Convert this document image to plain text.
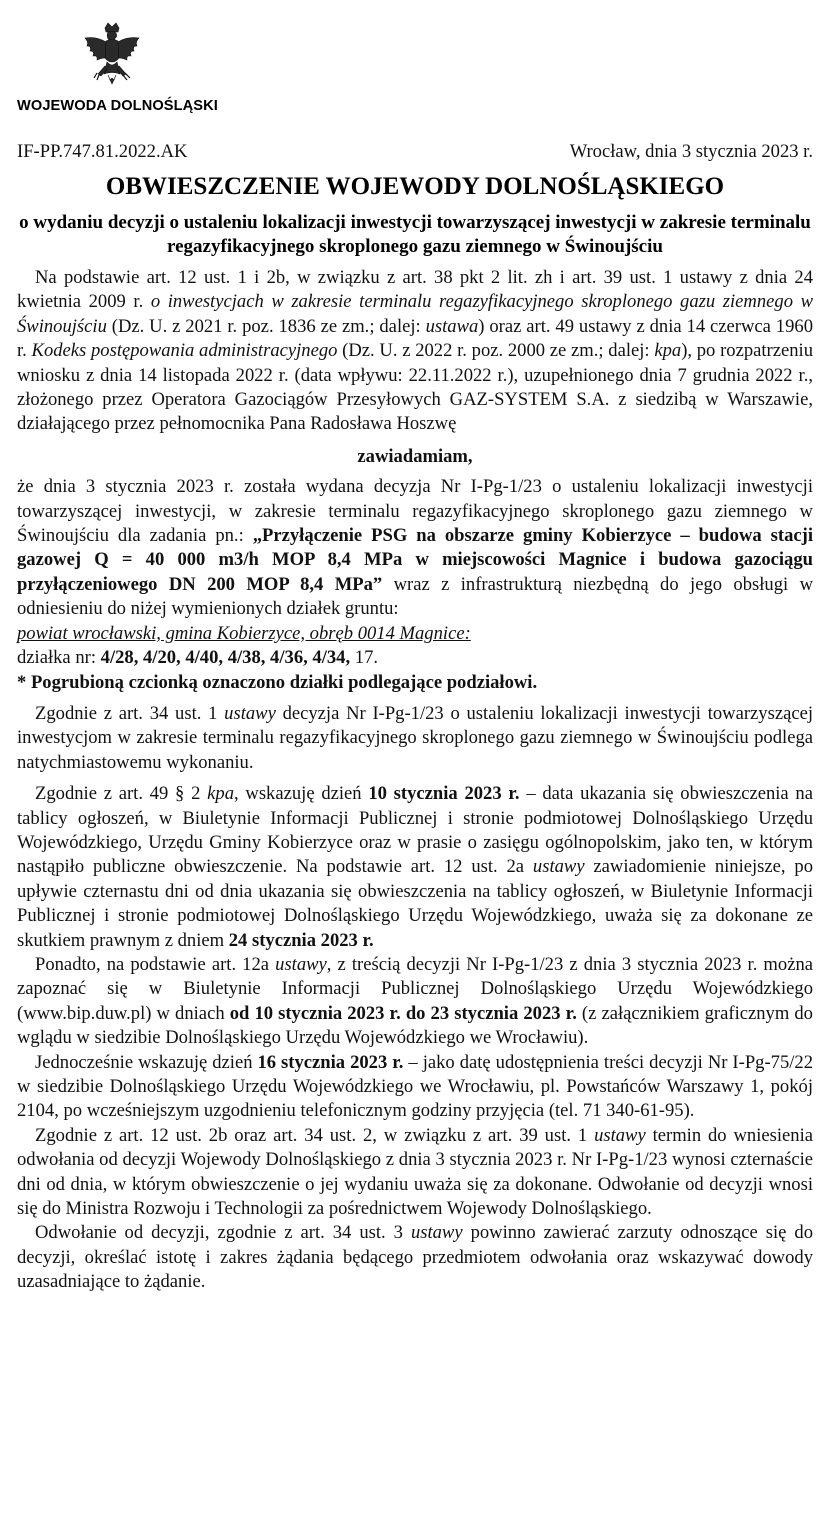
WOJEWODA DOLNOŚLĄSKI
IF-PP.747.81.2022.AK	Wrocław, dnia 3 stycznia 2023 r.
OBWIESZCZENIE WOJEWODY DOLNOŚLĄSKIEGO
o wydaniu decyzji o ustaleniu lokalizacji inwestycji towarzyszącej inwestycji w zakresie terminalu regazyfikacyjnego skroplonego gazu ziemnego w Świnoujściu

Na podstawie art. 12 ust. 1 i 2b, w związku z art. 38 pkt 2 lit. zh i art. 39 ust. 1 ustawy z dnia 24 kwietnia 2009 r. o inwestycjach w zakresie terminalu regazyfikacyjnego skroplonego gazu ziemnego w Świnoujściu (Dz. U. z 2021 r. poz. 1836 ze zm.; dalej: ustawa) oraz art. 49 ustawy z dnia 14 czerwca 1960 r. Kodeks postępowania administracyjnego (Dz. U. z 2022 r. poz. 2000 ze zm.; dalej: kpa), po rozpatrzeniu wniosku z dnia 14 listopada 2022 r. (data wpływu: 22.11.2022 r.), uzupełnionego dnia 7 grudnia 2022 r., złożonego przez Operatora Gazociągów Przesyłowych GAZ-SYSTEM S.A. z siedzibą w Warszawie, działającego przez pełnomocnika Pana Radosława Hoszwę

zawiadamiam,

że dnia 3 stycznia 2023 r. została wydana decyzja Nr I-Pg-1/23 o ustaleniu lokalizacji inwestycji towarzyszącej inwestycji, w zakresie terminalu regazyfikacyjnego skroplonego gazu ziemnego w Świnoujściu dla zadania pn.: „Przyłączenie PSG na obszarze gminy Kobierzyce – budowa stacji gazowej Q = 40 000 m3/h MOP 8,4 MPa w miejscowości Magnice i budowa gazociągu przyłączeniowego DN 200 MOP 8,4 MPa” wraz z infrastrukturą niezbędną do jego obsługi w odniesieniu do niżej wymienionych działek gruntu:

powiat wrocławski, gmina Kobierzyce, obręb 0014 Magnice:

działka nr: 4/28, 4/20, 4/40, 4/38, 4/36, 4/34, 17.

* Pogrubioną czcionką oznaczono działki podlegające podziałowi.

Zgodnie z art. 34 ust. 1 ustawy decyzja Nr I-Pg-1/23 o ustaleniu lokalizacji inwestycji towarzyszącej inwestycjom w zakresie terminalu regazyfikacyjnego skroplonego gazu ziemnego w Świnoujściu podlega natychmiastowemu wykonaniu.

Zgodnie z art. 49 § 2 kpa, wskazuję dzień 10 stycznia 2023 r. – data ukazania się obwieszczenia na tablicy ogłoszeń, w Biuletynie Informacji Publicznej i stronie podmiotowej Dolnośląskiego Urzędu Wojewódzkiego, Urzędu Gminy Kobierzyce oraz w prasie o zasięgu ogólnopolskim, jako ten, w którym nastąpiło publiczne obwieszczenie. Na podstawie art. 12 ust. 2a ustawy zawiadomienie niniejsze, po upływie czternastu dni od dnia ukazania się obwieszczenia na tablicy ogłoszeń, w Biuletynie Informacji Publicznej i stronie podmiotowej Dolnośląskiego Urzędu Wojewódzkiego, uważa się za dokonane ze skutkiem prawnym z dniem 24 stycznia 2023 r.

Ponadto, na podstawie art. 12a ustawy, z treścią decyzji Nr I-Pg-1/23 z dnia 3 stycznia 2023 r. można zapoznać się w Biuletynie Informacji Publicznej Dolnośląskiego Urzędu Wojewódzkiego (www.bip.duw.pl) w dniach od 10 stycznia 2023 r. do 23 stycznia 2023 r. (z załącznikiem graficznym do wglądu w siedzibie Dolnośląskiego Urzędu Wojewódzkiego we Wrocławiu).

Jednocześnie wskazuję dzień 16 stycznia 2023 r. – jako datę udostępnienia treści decyzji Nr I-Pg-75/22 w siedzibie Dolnośląskiego Urzędu Wojewódzkiego we Wrocławiu, pl. Powstańców Warszawy 1, pokój 2104, po wcześniejszym uzgodnieniu telefonicznym godziny przyjęcia (tel. 71 340-61-95).

Zgodnie z art. 12 ust. 2b oraz art. 34 ust. 2, w związku z art. 39 ust. 1 ustawy termin do wniesienia odwołania od decyzji Wojewody Dolnośląskiego z dnia 3 stycznia 2023 r. Nr I-Pg-1/23 wynosi czternaście dni od dnia, w którym obwieszczenie o jej wydaniu uważa się za dokonane. Odwołanie od decyzji wnosi się do Ministra Rozwoju i Technologii za pośrednictwem Wojewody Dolnośląskiego.

Odwołanie od decyzji, zgodnie z art. 34 ust. 3 ustawy powinno zawierać zarzuty odnoszące się do decyzji, określać istotę i zakres żądania będącego przedmiotem odwołania oraz wskazywać dowody uzasadniające to żądanie.
